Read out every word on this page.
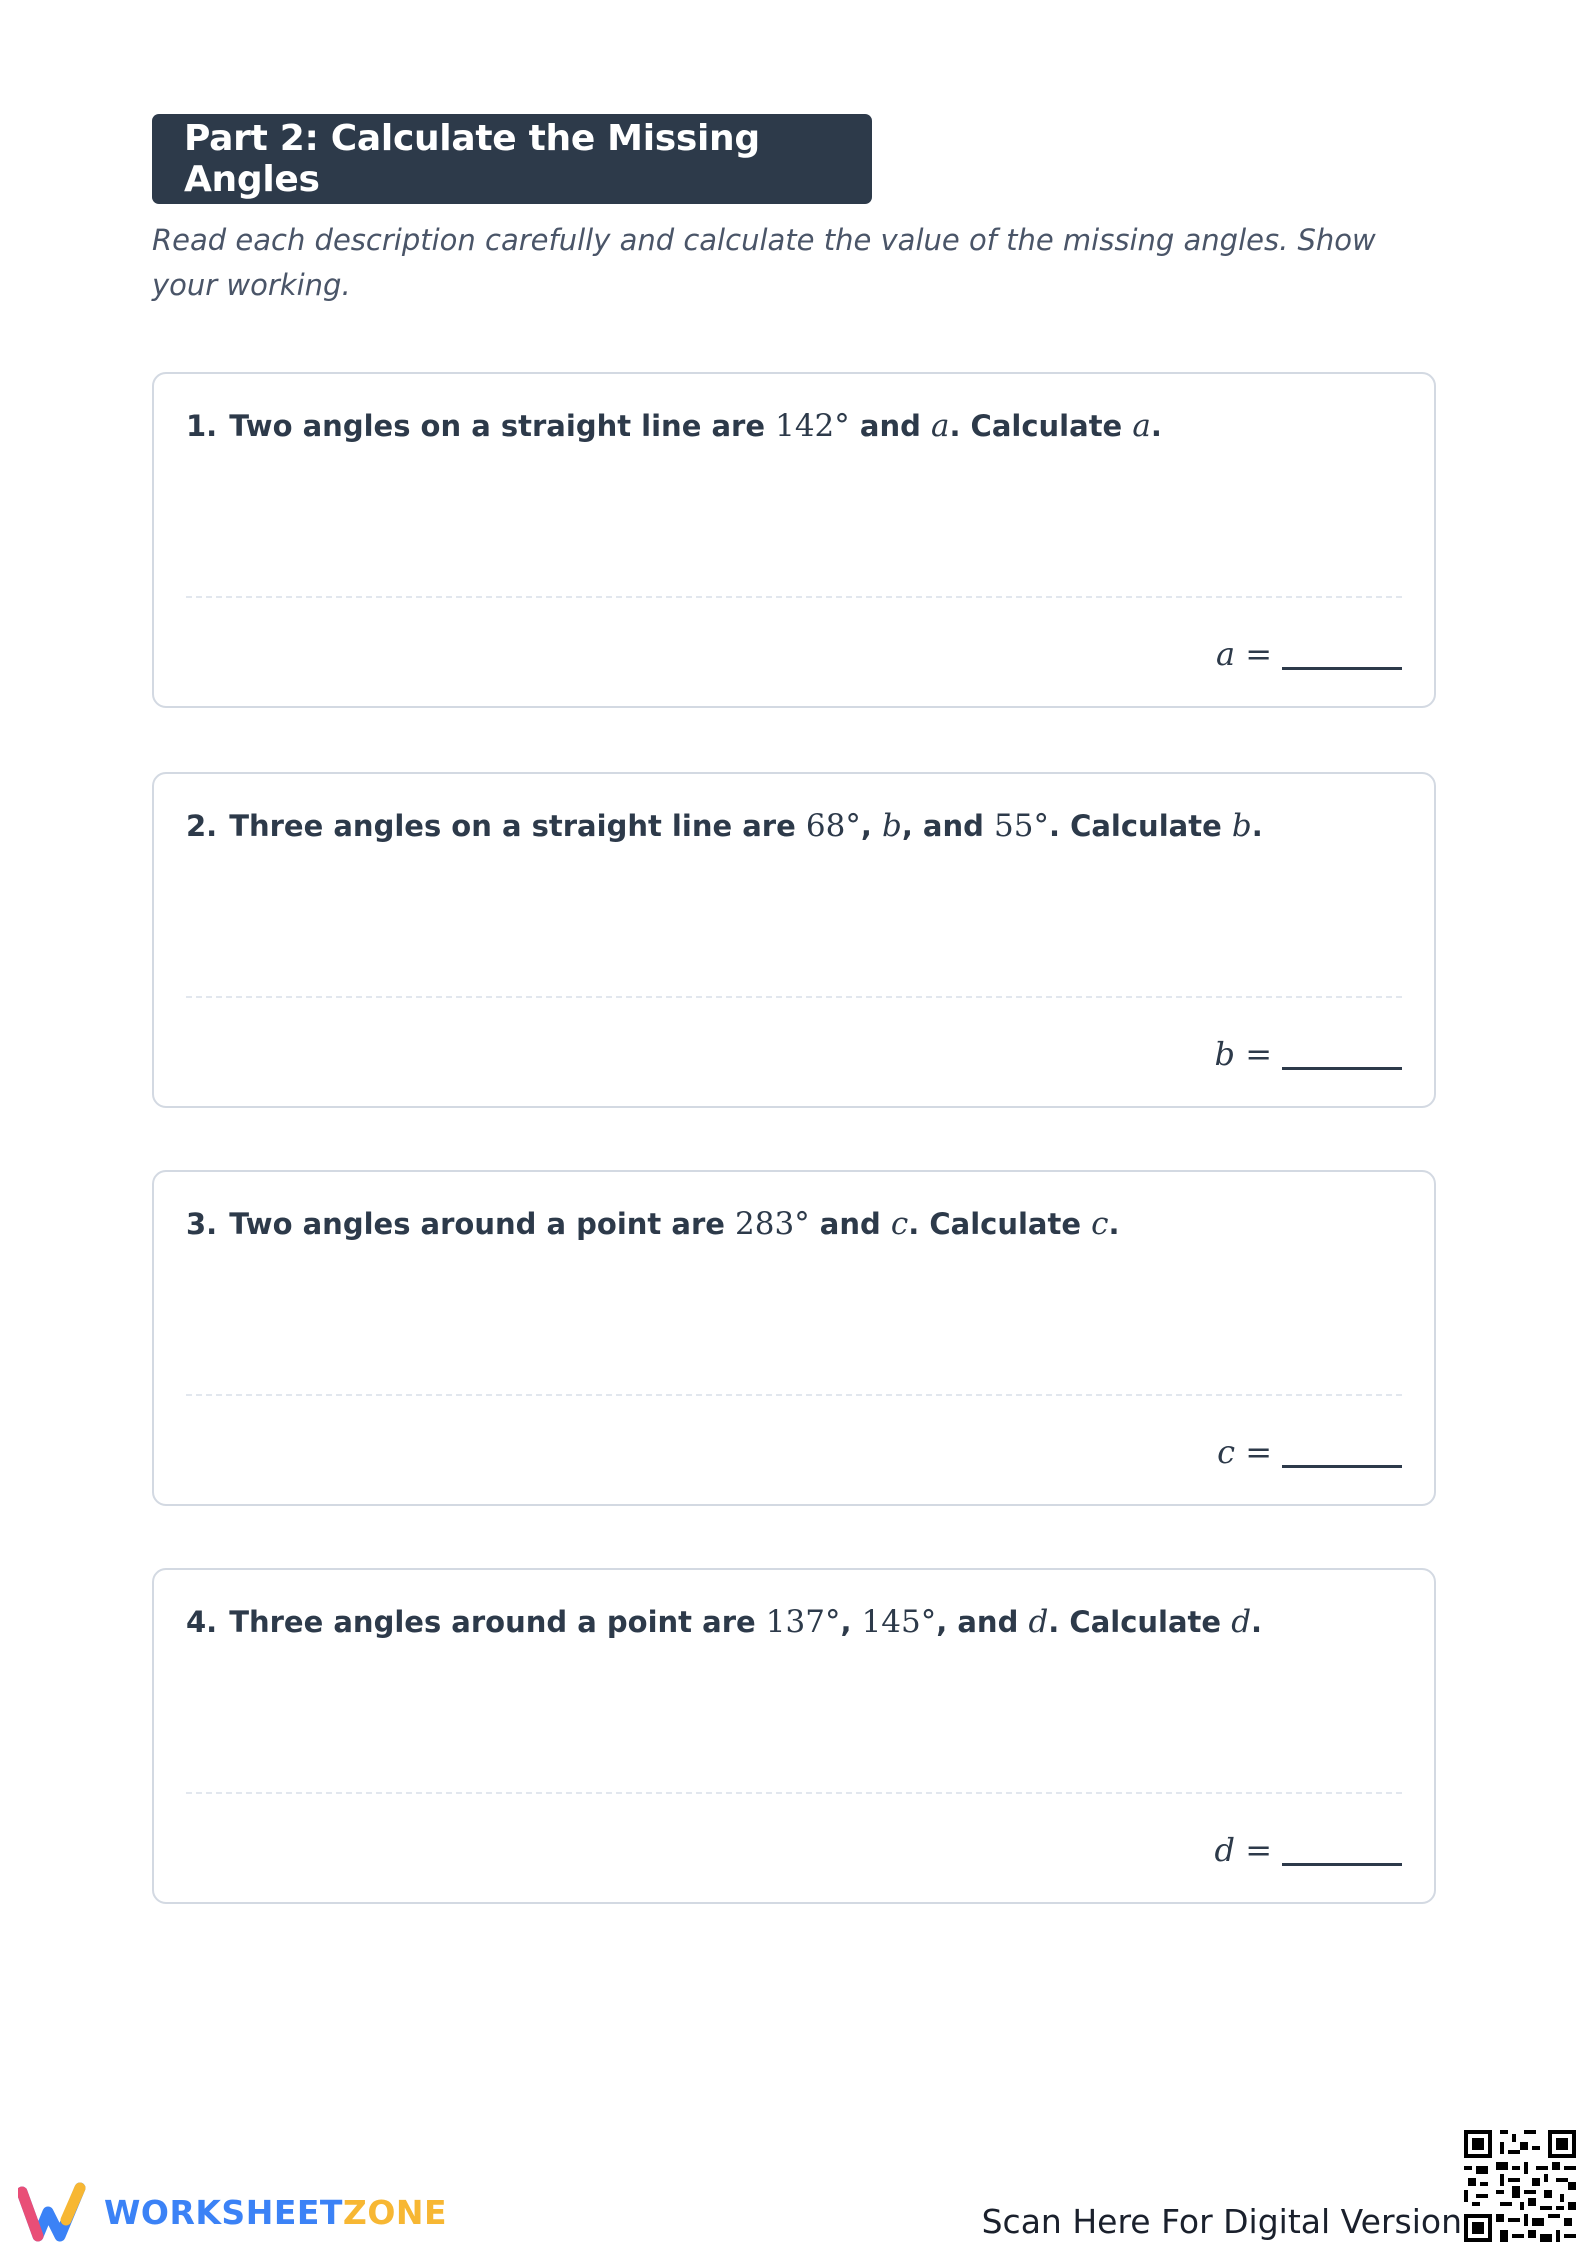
Part 2: Calculate the Missing Angles

Read each description carefully and calculate the value of the missing angles. Show your working.

1. Two angles on a straight line are 142° and a. Calculate a.

a =

2. Three angles on a straight line are 68°, b, and 55°. Calculate b.

b =

3. Two angles around a point are 283° and c. Calculate c.

c =

4. Three angles around a point are 137°, 145°, and d. Calculate d.

d =
WORKSHEETZONE	Scan Here For Digital Version
